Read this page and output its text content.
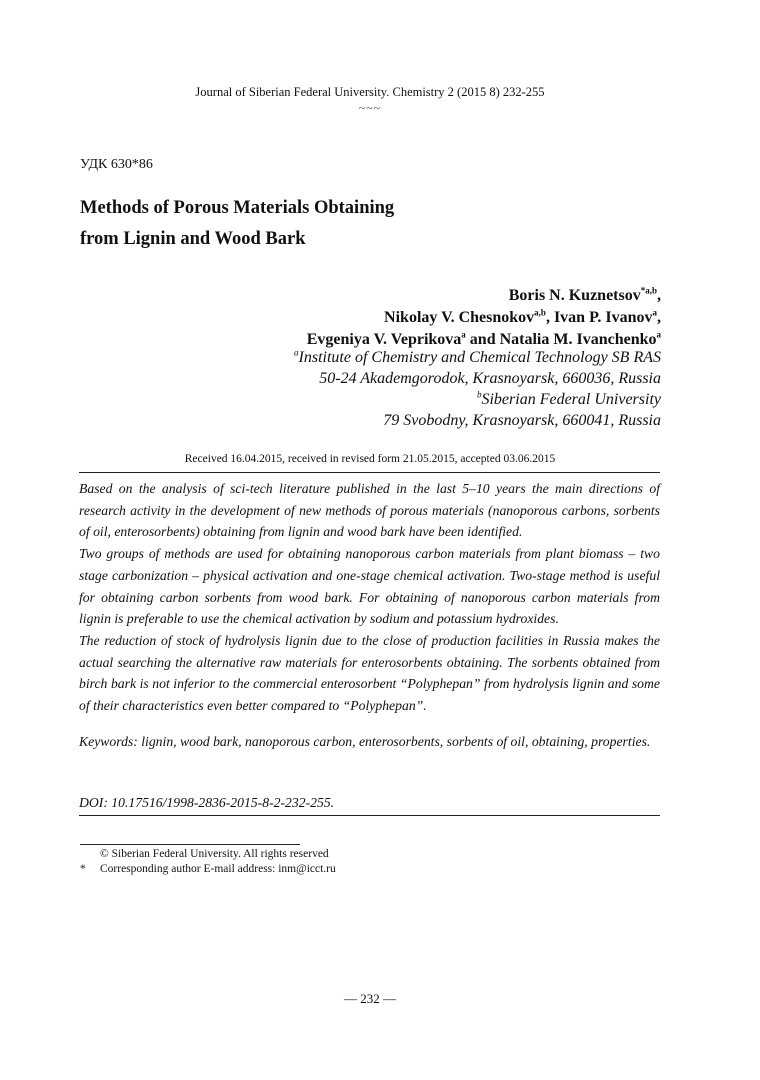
Journal of Siberian Federal University. Chemistry 2 (2015 8) 232-255
~~~
УДК 630*86
Methods of Porous Materials Obtaining
from Lignin and Wood Bark
Boris N. Kuznetsov$^{*a,b}$,
Nikolay V. Chesnokov$^{a,b}$, Ivan P. Ivanov$^a$,
Evgeniya V. Veprikova$^a$ and Natalia M. Ivanchenko$^a$
$^a$Institute of Chemistry and Chemical Technology SB RAS
50-24 Akademgorodok, Krasnoyarsk, 660036, Russia
$^b$Siberian Federal University
79 Svobodny, Krasnoyarsk, 660041, Russia
Received 16.04.2015, received in revised form 21.05.2015, accepted 03.06.2015

Based on the analysis of sci-tech literature published in the last 5–10 years the main directions of research activity in the development of new methods of porous materials (nanoporous carbons, sorbents of oil, enterosorbents) obtaining from lignin and wood bark have been identified.

Two groups of methods are used for obtaining nanoporous carbon materials from plant biomass – two stage carbonization – physical activation and one-stage chemical activation. Two-stage method is useful for obtaining carbon sorbents from wood bark. For obtaining of nanoporous carbon materials from lignin is preferable to use the chemical activation by sodium and potassium hydroxides.

The reduction of stock of hydrolysis lignin due to the close of production facilities in Russia makes the actual searching the alternative raw materials for enterosorbents obtaining. The sorbents obtained from birch bark is not inferior to the commercial enterosorbent “Polyphepan” from hydrolysis lignin and some of their characteristics even better compared to “Polyphepan”.

Keywords: lignin, wood bark, nanoporous carbon, enterosorbents, sorbents of oil, obtaining, properties.
DOI: 10.17516/1998-2836-2015-8-2-232-255.
© Siberian Federal University. All rights reserved
* Corresponding author E-mail address: inm@icct.ru
— 232 —
